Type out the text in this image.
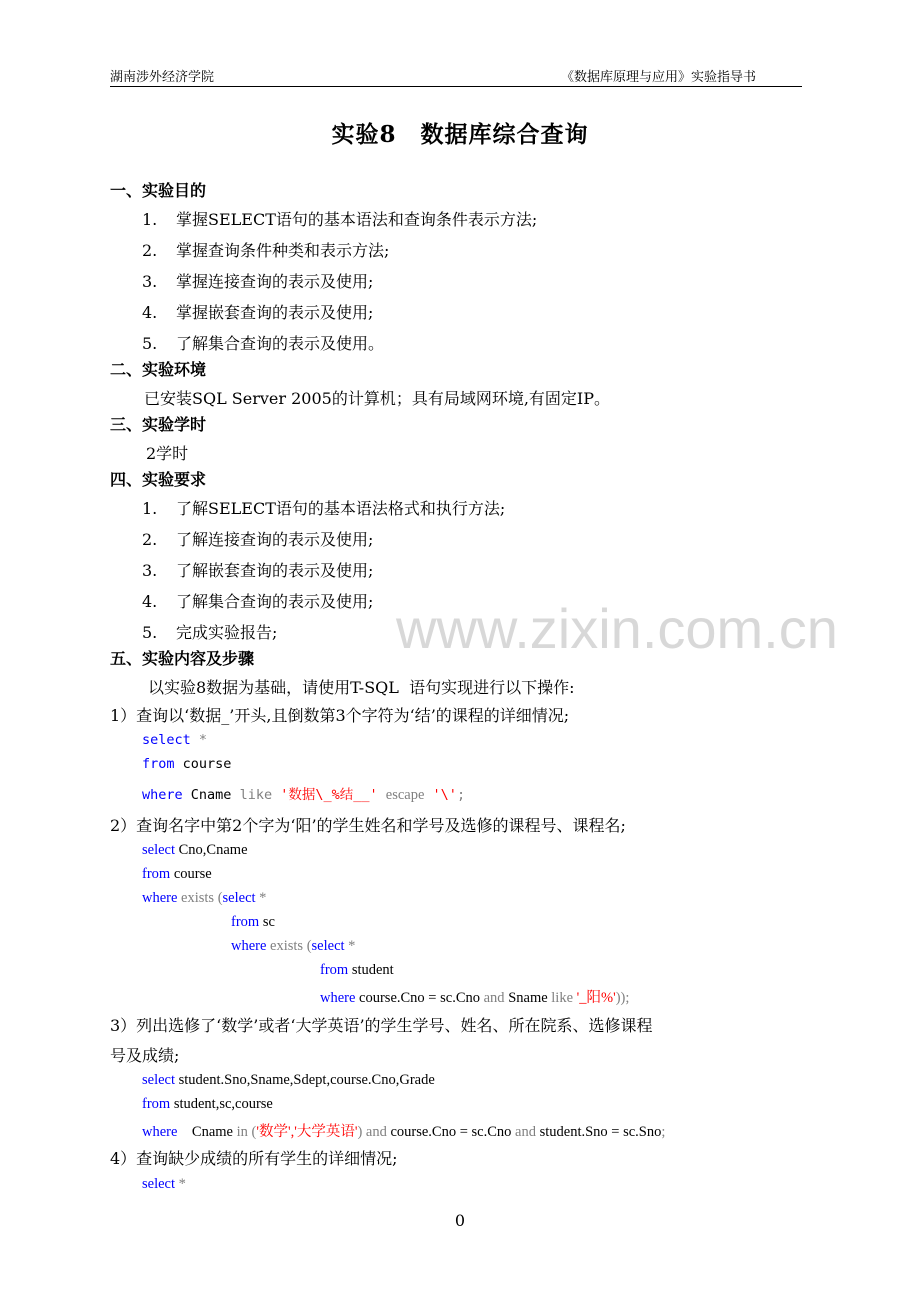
湖南涉外经济学院	《数据库原理与应用》实验指导书
实验8　数据库综合查询
一、实验目的
1. 掌握SELECT语句的基本语法和查询条件表示方法;
2. 掌握查询条件种类和表示方法;
3. 掌握连接查询的表示及使用;
4. 掌握嵌套查询的表示及使用;
5. 了解集合查询的表示及使用。
二、实验环境
已安装SQL Server 2005的计算机；具有局域网环境,有固定IP。
三、实验学时
2学时
四、实验要求
1. 了解SELECT语句的基本语法格式和执行方法;
2. 了解连接查询的表示及使用;
3. 了解嵌套查询的表示及使用;
4. 了解集合查询的表示及使用;
5. 完成实验报告;
五、实验内容及步骤
以实验8数据为基础，请使用T-SQL  语句实现进行以下操作:
1）查询以‘数据_’开头,且倒数第3个字符为‘结’的课程的详细情况;
select *
from course
where Cname like '数据\_%结__' escape '\';
2）查询名字中第2个字为‘阳’的学生姓名和学号及选修的课程号、课程名;
select Cno,Cname
from course
where exists (select *
from sc
where exists (select *
from student
where course.Cno = sc.Cno and Sname like '_阳%'));
3）列出选修了‘数学’或者‘大学英语’的学生学号、姓名、所在院系、选修课程
号及成绩;
select student.Sno,Sname,Sdept,course.Cno,Grade
from student,sc,course
where Cname in ('数学','大学英语') and course.Cno = sc.Cno and student.Sno = sc.Sno;
4）查询缺少成绩的所有学生的详细情况;
select *
www.zixin.com.cn
0
